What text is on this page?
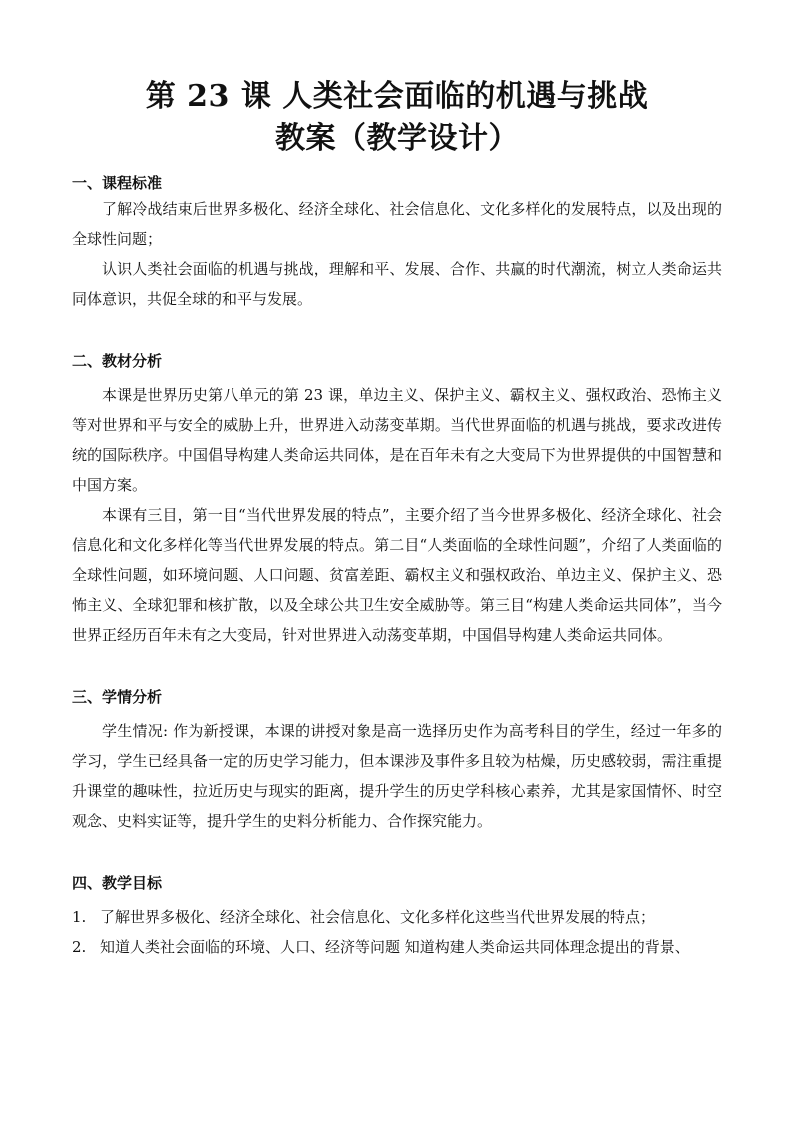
第 23 课 人类社会面临的机遇与挑战
教案（教学设计）
一、课程标准

了解冷战结束后世界多极化、经济全球化、社会信息化、文化多样化的发展特点，以及出现的全球性问题；

认识人类社会面临的机遇与挑战，理解和平、发展、合作、共赢的时代潮流，树立人类命运共同体意识，共促全球的和平与发展。

二、教材分析

本课是世界历史第八单元的第 23 课，单边主义、保护主义、霸权主义、强权政治、恐怖主义等对世界和平与安全的威胁上升，世界进入动荡变革期。当代世界面临的机遇与挑战，要求改进传统的国际秩序。中国倡导构建人类命运共同体，是在百年未有之大变局下为世界提供的中国智慧和中国方案。

本课有三目，第一目“当代世界发展的特点”，主要介绍了当今世界多极化、经济全球化、社会信息化和文化多样化等当代世界发展的特点。第二目“人类面临的全球性问题”，介绍了人类面临的全球性问题，如环境问题、人口问题、贫富差距、霸权主义和强权政治、单边主义、保护主义、恐怖主义、全球犯罪和核扩散，以及全球公共卫生安全威胁等。第三目“构建人类命运共同体”，当今世界正经历百年未有之大变局，针对世界进入动荡变革期，中国倡导构建人类命运共同体。

三、学情分析

学生情况: 作为新授课，本课的讲授对象是高一选择历史作为高考科目的学生，经过一年多的学习，学生已经具备一定的历史学习能力，但本课涉及事件多且较为枯燥，历史感较弱，需注重提升课堂的趣味性，拉近历史与现实的距离，提升学生的历史学科核心素养，尤其是家国情怀、时空观念、史料实证等，提升学生的史料分析能力、合作探究能力。

四、教学目标
1. 了解世界多极化、经济全球化、社会信息化、文化多样化这些当代世界发展的特点；
2. 知道人类社会面临的环境、人口、经济等问题 知道构建人类命运共同体理念提出的背景、
